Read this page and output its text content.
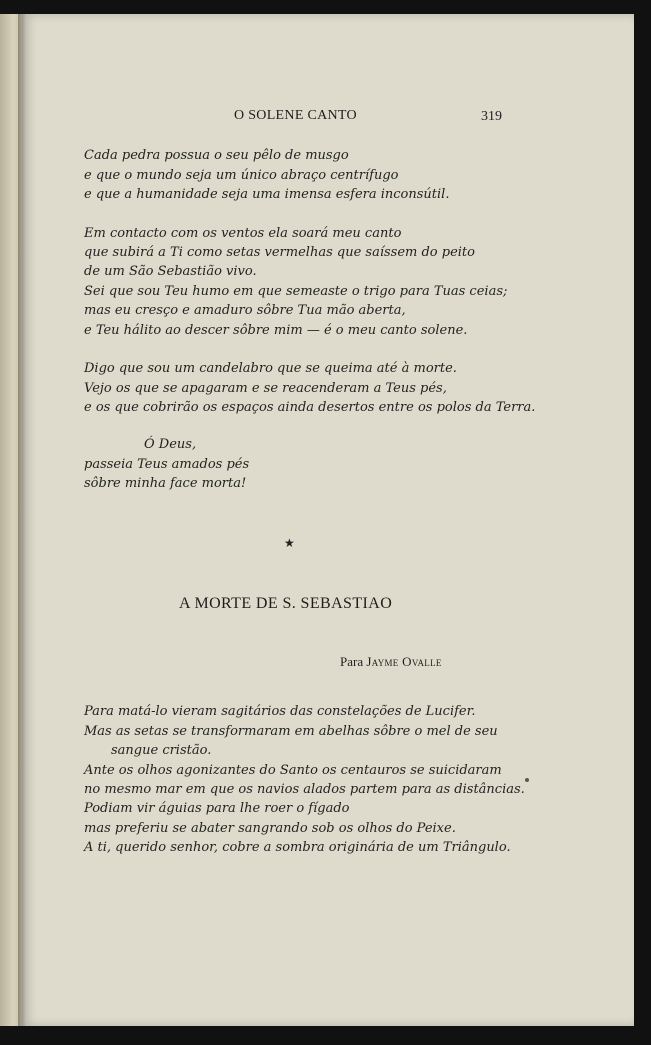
O SOLENE CANTO	319
Cada pedra possua o seu pêlo de musgo
e que o mundo seja um único abraço centrífugo
e que a humanidade seja uma imensa esfera inconsútil.
Em contacto com os ventos ela soará meu canto
que subirá a Ti como setas vermelhas que saíssem do peito
de um São Sebastião vivo.
Sei que sou Teu humo em que semeaste o trigo para Tuas ceias;
mas eu cresço e amaduro sôbre Tua mão aberta,
e Teu hálito ao descer sôbre mim — é o meu canto solene.
Digo que sou um candelabro que se queima até à morte.
Vejo os que se apagaram e se reacenderam a Teus pés,
e os que cobrirão os espaços ainda desertos entre os polos da Terra.
Ó Deus,
passeia Teus amados pés
sôbre minha face morta!
★
A MORTE DE S. SEBASTIAO
Para Jayme Ovalle
Para matá-lo vieram sagitários das constelações de Lucifer.
Mas as setas se transformaram em abelhas sôbre o mel de seu
sangue cristão.
Ante os olhos agonizantes do Santo os centauros se suicidaram
no mesmo mar em que os navios alados partem para as distâncias.
Podiam vir águias para lhe roer o fígado
mas preferiu se abater sangrando sob os olhos do Peixe.
A ti, querido senhor, cobre a sombra originária de um Triângulo.
